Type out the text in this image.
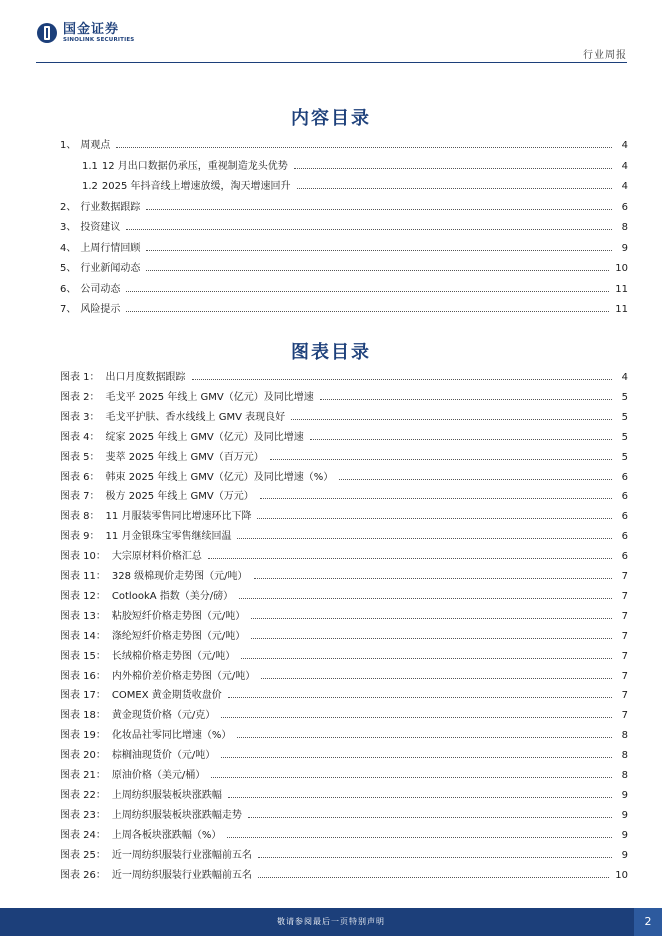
国金证券
SINOLINK SECURITIES
行业周报
内容目录
1、 周观点	4
1.1 12 月出口数据仍承压，重视制造龙头优势	4
1.2 2025 年抖音线上增速放缓，淘天增速回升	4
2、 行业数据跟踪	6
3、 投资建议	8
4、 上周行情回顾	9
5、 行业新闻动态	10
6、 公司动态	11
7、 风险提示	11
图表目录
图表 1： 出口月度数据跟踪	4
图表 2： 毛戈平 2025 年线上 GMV（亿元）及同比增速	5
图表 3： 毛戈平护肤、香水线线上 GMV 表现良好	5
图表 4： 绽家 2025 年线上 GMV（亿元）及同比增速	5
图表 5： 斐萃 2025 年线上 GMV（百万元）	5
图表 6： 韩束 2025 年线上 GMV（亿元）及同比增速（%）	6
图表 7： 极方 2025 年线上 GMV（万元）	6
图表 8： 11 月服装零售同比增速环比下降	6
图表 9： 11 月金银珠宝零售继续回温	6
图表 10： 大宗原材料价格汇总	6
图表 11： 328 级棉现价走势图（元/吨）	7
图表 12： CotlookA 指数（美分/磅）	7
图表 13： 粘胶短纤价格走势图（元/吨）	7
图表 14： 涤纶短纤价格走势图（元/吨）	7
图表 15： 长绒棉价格走势图（元/吨）	7
图表 16： 内外棉价差价格走势图（元/吨）	7
图表 17： COMEX 黄金期货收盘价	7
图表 18： 黄金现货价格（元/克）	7
图表 19： 化妆品社零同比增速（%）	8
图表 20： 棕榈油现货价（元/吨）	8
图表 21： 原油价格（美元/桶）	8
图表 22： 上周纺织服装板块涨跌幅	9
图表 23： 上周纺织服装板块涨跌幅走势	9
图表 24： 上周各板块涨跌幅（%）	9
图表 25： 近一周纺织服装行业涨幅前五名	9
图表 26： 近一周纺织服装行业跌幅前五名	10
敬请参阅最后一页特别声明	2
